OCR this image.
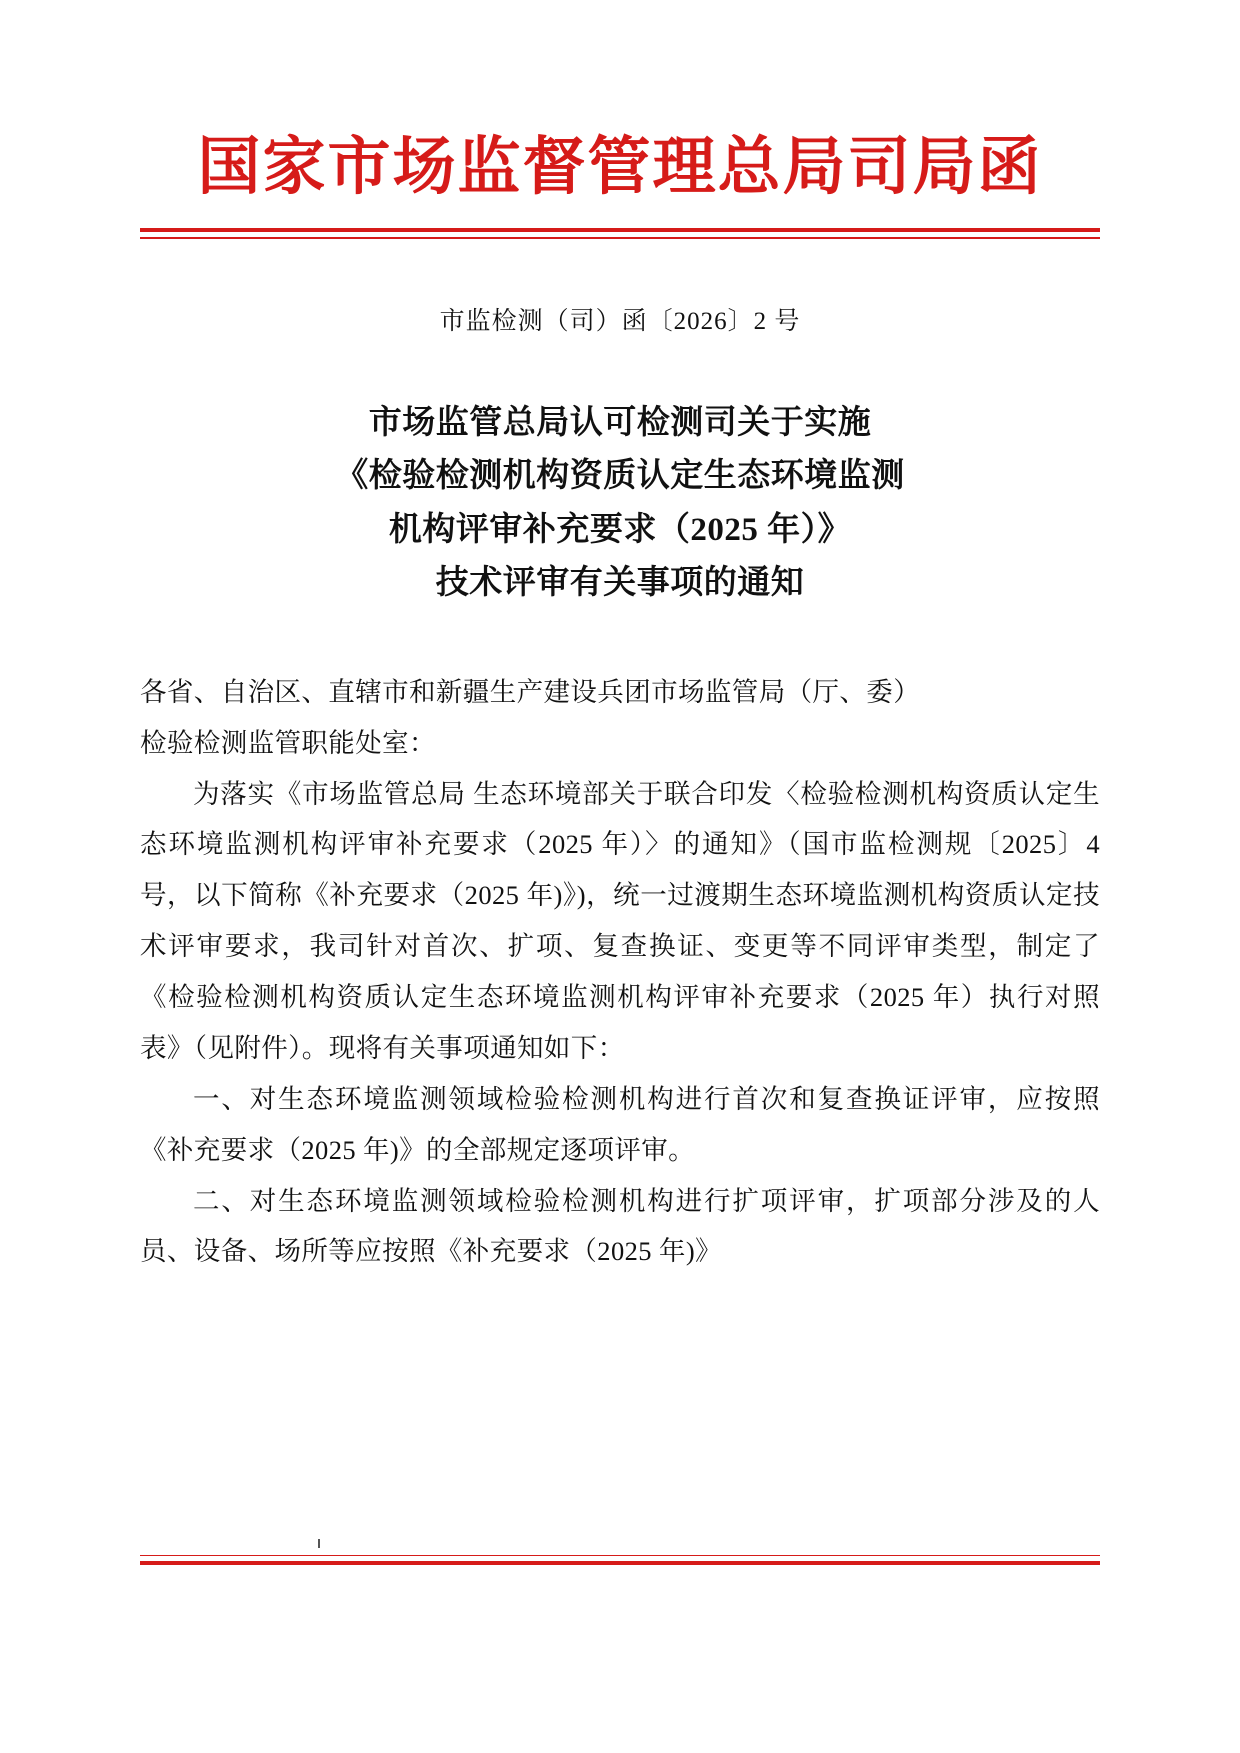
国家市场监督管理总局司局函
市监检测（司）函〔2026〕2 号
市场监管总局认可检测司关于实施
《检验检测机构资质认定生态环境监测
机构评审补充要求（2025 年）》
技术评审有关事项的通知

各省、自治区、直辖市和新疆生产建设兵团市场监管局（厅、委）

检验检测监管职能处室：

为落实《市场监管总局 生态环境部关于联合印发〈检验检测机构资质认定生态环境监测机构评审补充要求（2025 年）〉的通知》（国市监检测规〔2025〕4 号，以下简称《补充要求（2025 年)》)，统一过渡期生态环境监测机构资质认定技术评审要求，我司针对首次、扩项、复查换证、变更等不同评审类型，制定了《检验检测机构资质认定生态环境监测机构评审补充要求（2025 年）执行对照表》（见附件）。现将有关事项通知如下：

一、对生态环境监测领域检验检测机构进行首次和复查换证评审，应按照《补充要求（2025 年)》的全部规定逐项评审。

二、对生态环境监测领域检验检测机构进行扩项评审，扩项部分涉及的人员、设备、场所等应按照《补充要求（2025 年)》
